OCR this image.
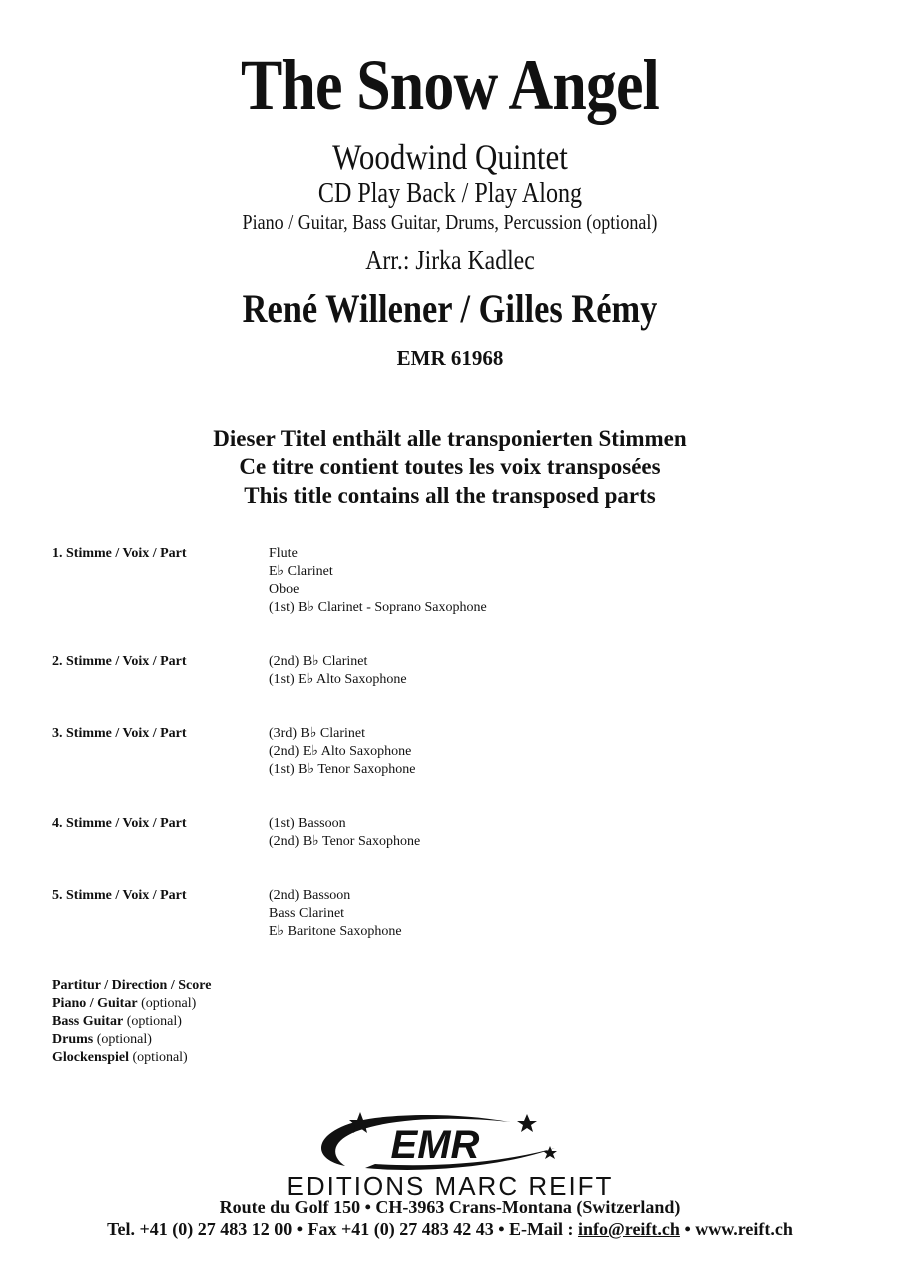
The Snow Angel
Woodwind Quintet
CD Play Back / Play Along
Piano / Guitar, Bass Guitar, Drums, Percussion (optional)
Arr.: Jirka Kadlec
René Willener / Gilles Rémy
EMR 61968
Dieser Titel enthält alle transponierten Stimmen
Ce titre contient toutes les voix transposées
This title contains all the transposed parts
1. Stimme / Voix / Part	Flute
E♭ Clarinet
Oboe
(1st) B♭ Clarinet - Soprano Saxophone
2. Stimme / Voix / Part	(2nd) B♭ Clarinet
(1st) E♭ Alto Saxophone
3. Stimme / Voix / Part	(3rd) B♭ Clarinet
(2nd) E♭ Alto Saxophone
(1st) B♭ Tenor Saxophone
4. Stimme / Voix / Part	(1st) Bassoon
(2nd) B♭ Tenor Saxophone
5. Stimme / Voix / Part	(2nd) Bassoon
Bass Clarinet
E♭ Baritone Saxophone
Partitur / Direction / Score
Piano / Guitar (optional)
Bass Guitar (optional)
Drums (optional)
Glockenspiel (optional)
EMR
EDITIONS MARC REIFT
Route du Golf 150 • CH-3963 Crans-Montana (Switzerland)
Tel. +41 (0) 27 483 12 00 • Fax +41 (0) 27 483 42 43 • E-Mail : info@reift.ch • www.reift.ch
